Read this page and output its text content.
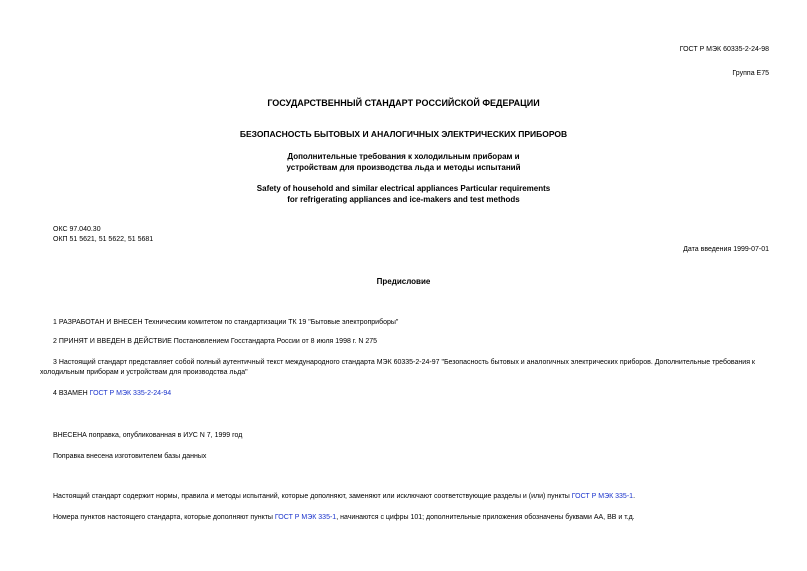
ГОСТ Р МЭК 60335-2-24-98
Группа Е75
ГОСУДАРСТВЕННЫЙ СТАНДАРТ РОССИЙСКОЙ ФЕДЕРАЦИИ
БЕЗОПАСНОСТЬ БЫТОВЫХ И АНАЛОГИЧНЫХ ЭЛЕКТРИЧЕСКИХ ПРИБОРОВ
Дополнительные требования к холодильным приборам и
устройствам для производства льда и методы испытаний
Safety of household and similar electrical appliances Particular requirements
for refrigerating appliances and ice-makers and test methods
ОКС 97.040.30
ОКП 51 5621, 51 5622, 51 5681
Дата введения 1999-07-01
Предисловие
1 РАЗРАБОТАН И ВНЕСЕН Техническим комитетом по стандартизации ТК 19 "Бытовые электроприборы"
2 ПРИНЯТ И ВВЕДЕН В ДЕЙСТВИЕ Постановлением Госстандарта России от 8 июля 1998 г. N 275
3 Настоящий стандарт представляет собой полный аутентичный текст международного стандарта МЭК 60335-2-24-97 "Безопасность бытовых и аналогичных электрических приборов. Дополнительные требования к холодильным приборам и устройствам для производства льда"
4 ВЗАМЕН ГОСТ Р МЭК 335-2-24-94
ВНЕСЕНА поправка, опубликованная в ИУС N 7, 1999 год
Поправка внесена изготовителем базы данных
Настоящий стандарт содержит нормы, правила и методы испытаний, которые дополняют, заменяют или исключают соответствующие разделы и (или) пункты ГОСТ Р МЭК 335-1.
Номера пунктов настоящего стандарта, которые дополняют пункты ГОСТ Р МЭК 335-1, начинаются с цифры 101; дополнительные приложения обозначены буквами АА, ВВ и т.д.
